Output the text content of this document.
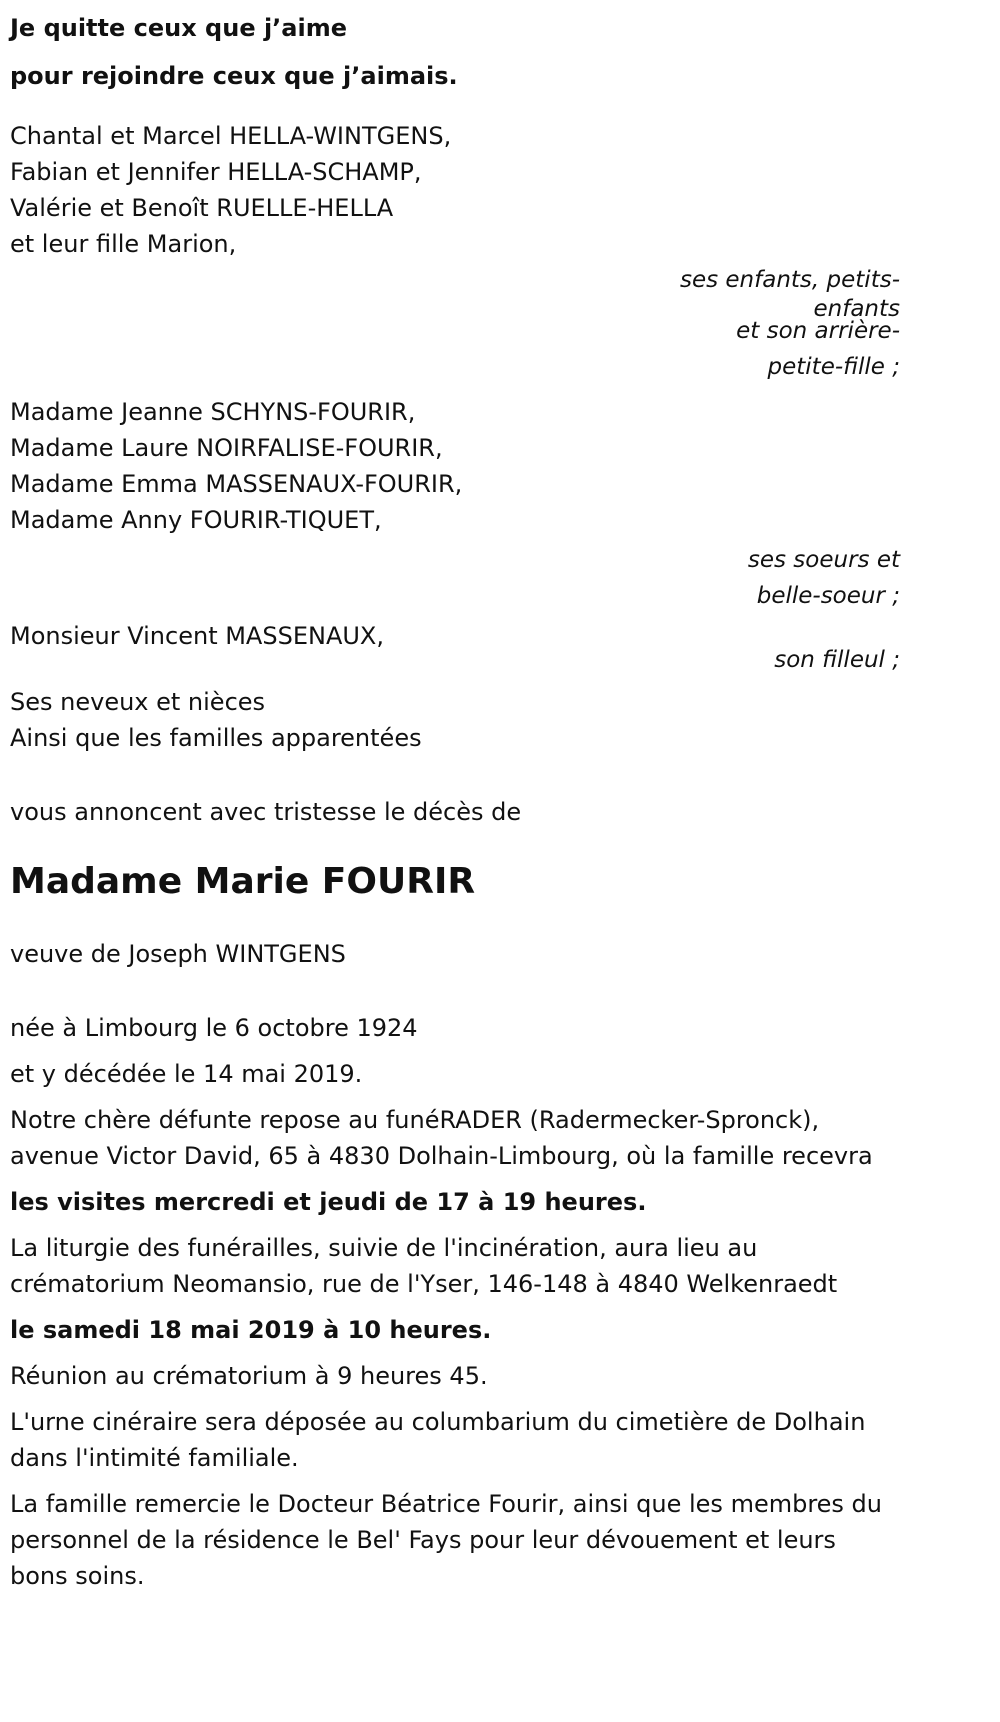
Je quitte ceux que j’aime
pour rejoindre ceux que j’aimais.
Chantal et Marcel HELLA-WINTGENS,
Fabian et Jennifer HELLA-SCHAMP,
Valérie et Benoît RUELLE-HELLA
et leur fille Marion,
ses enfants, petits-
enfants
et son arrière-
petite-fille ;
Madame Jeanne SCHYNS-FOURIR,
Madame Laure NOIRFALISE-FOURIR,
Madame Emma MASSENAUX-FOURIR,
Madame Anny FOURIR-TIQUET,
ses soeurs et
belle-soeur ;
Monsieur Vincent MASSENAUX,
son filleul ;
Ses neveux et nièces
Ainsi que les familles apparentées

vous annoncent avec tristesse le décès de

Madame Marie FOURIR

veuve de Joseph WINTGENS

née à Limbourg le 6 octobre 1924

et y décédée le 14 mai 2019.

Notre chère défunte repose au funéRADER (Radermecker-Spronck),
avenue Victor David, 65 à 4830 Dolhain-Limbourg, où la famille recevra

les visites mercredi et jeudi de 17 à 19 heures.

La liturgie des funérailles, suivie de l'incinération, aura lieu au
crématorium Neomansio, rue de l'Yser, 146-148 à 4840 Welkenraedt

le samedi 18 mai 2019 à 10 heures.

Réunion au crématorium à 9 heures 45.

L'urne cinéraire sera déposée au columbarium du cimetière de Dolhain
dans l'intimité familiale.
La famille remercie le Docteur Béatrice Fourir, ainsi que les membres du
personnel de la résidence le Bel' Fays pour leur dévouement et leurs
bons soins.
